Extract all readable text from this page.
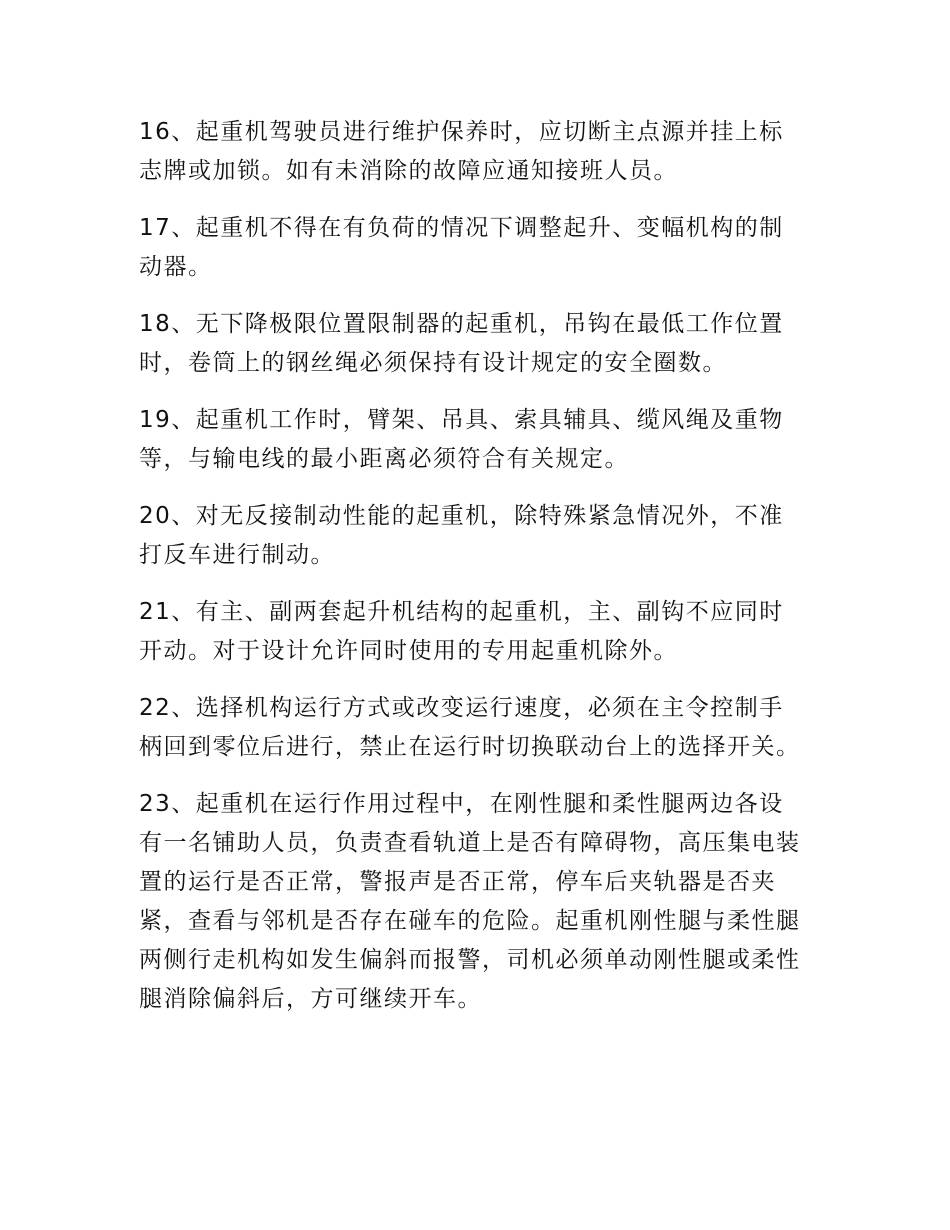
16、起重机驾驶员进行维护保养时，应切断主点源并挂上标志牌或加锁。如有未消除的故障应通知接班人员。

17、起重机不得在有负荷的情况下调整起升、变幅机构的制动器。

18、无下降极限位置限制器的起重机，吊钩在最低工作位置时，卷筒上的钢丝绳必须保持有设计规定的安全圈数。

19、起重机工作时，臂架、吊具、索具辅具、缆风绳及重物等，与输电线的最小距离必须符合有关规定。

20、对无反接制动性能的起重机，除特殊紧急情况外，不准打反车进行制动。

21、有主、副两套起升机结构的起重机，主、副钩不应同时开动。对于设计允许同时使用的专用起重机除外。

22、选择机构运行方式或改变运行速度，必须在主令控制手柄回到零位后进行，禁止在运行时切换联动台上的选择开关。

23、起重机在运行作用过程中，在刚性腿和柔性腿两边各设有一名铺助人员，负责查看轨道上是否有障碍物，高压集电装置的运行是否正常，警报声是否正常，停车后夹轨器是否夹紧，查看与邻机是否存在碰车的危险。起重机刚性腿与柔性腿两侧行走机构如发生偏斜而报警，司机必须单动刚性腿或柔性腿消除偏斜后，方可继续开车。
